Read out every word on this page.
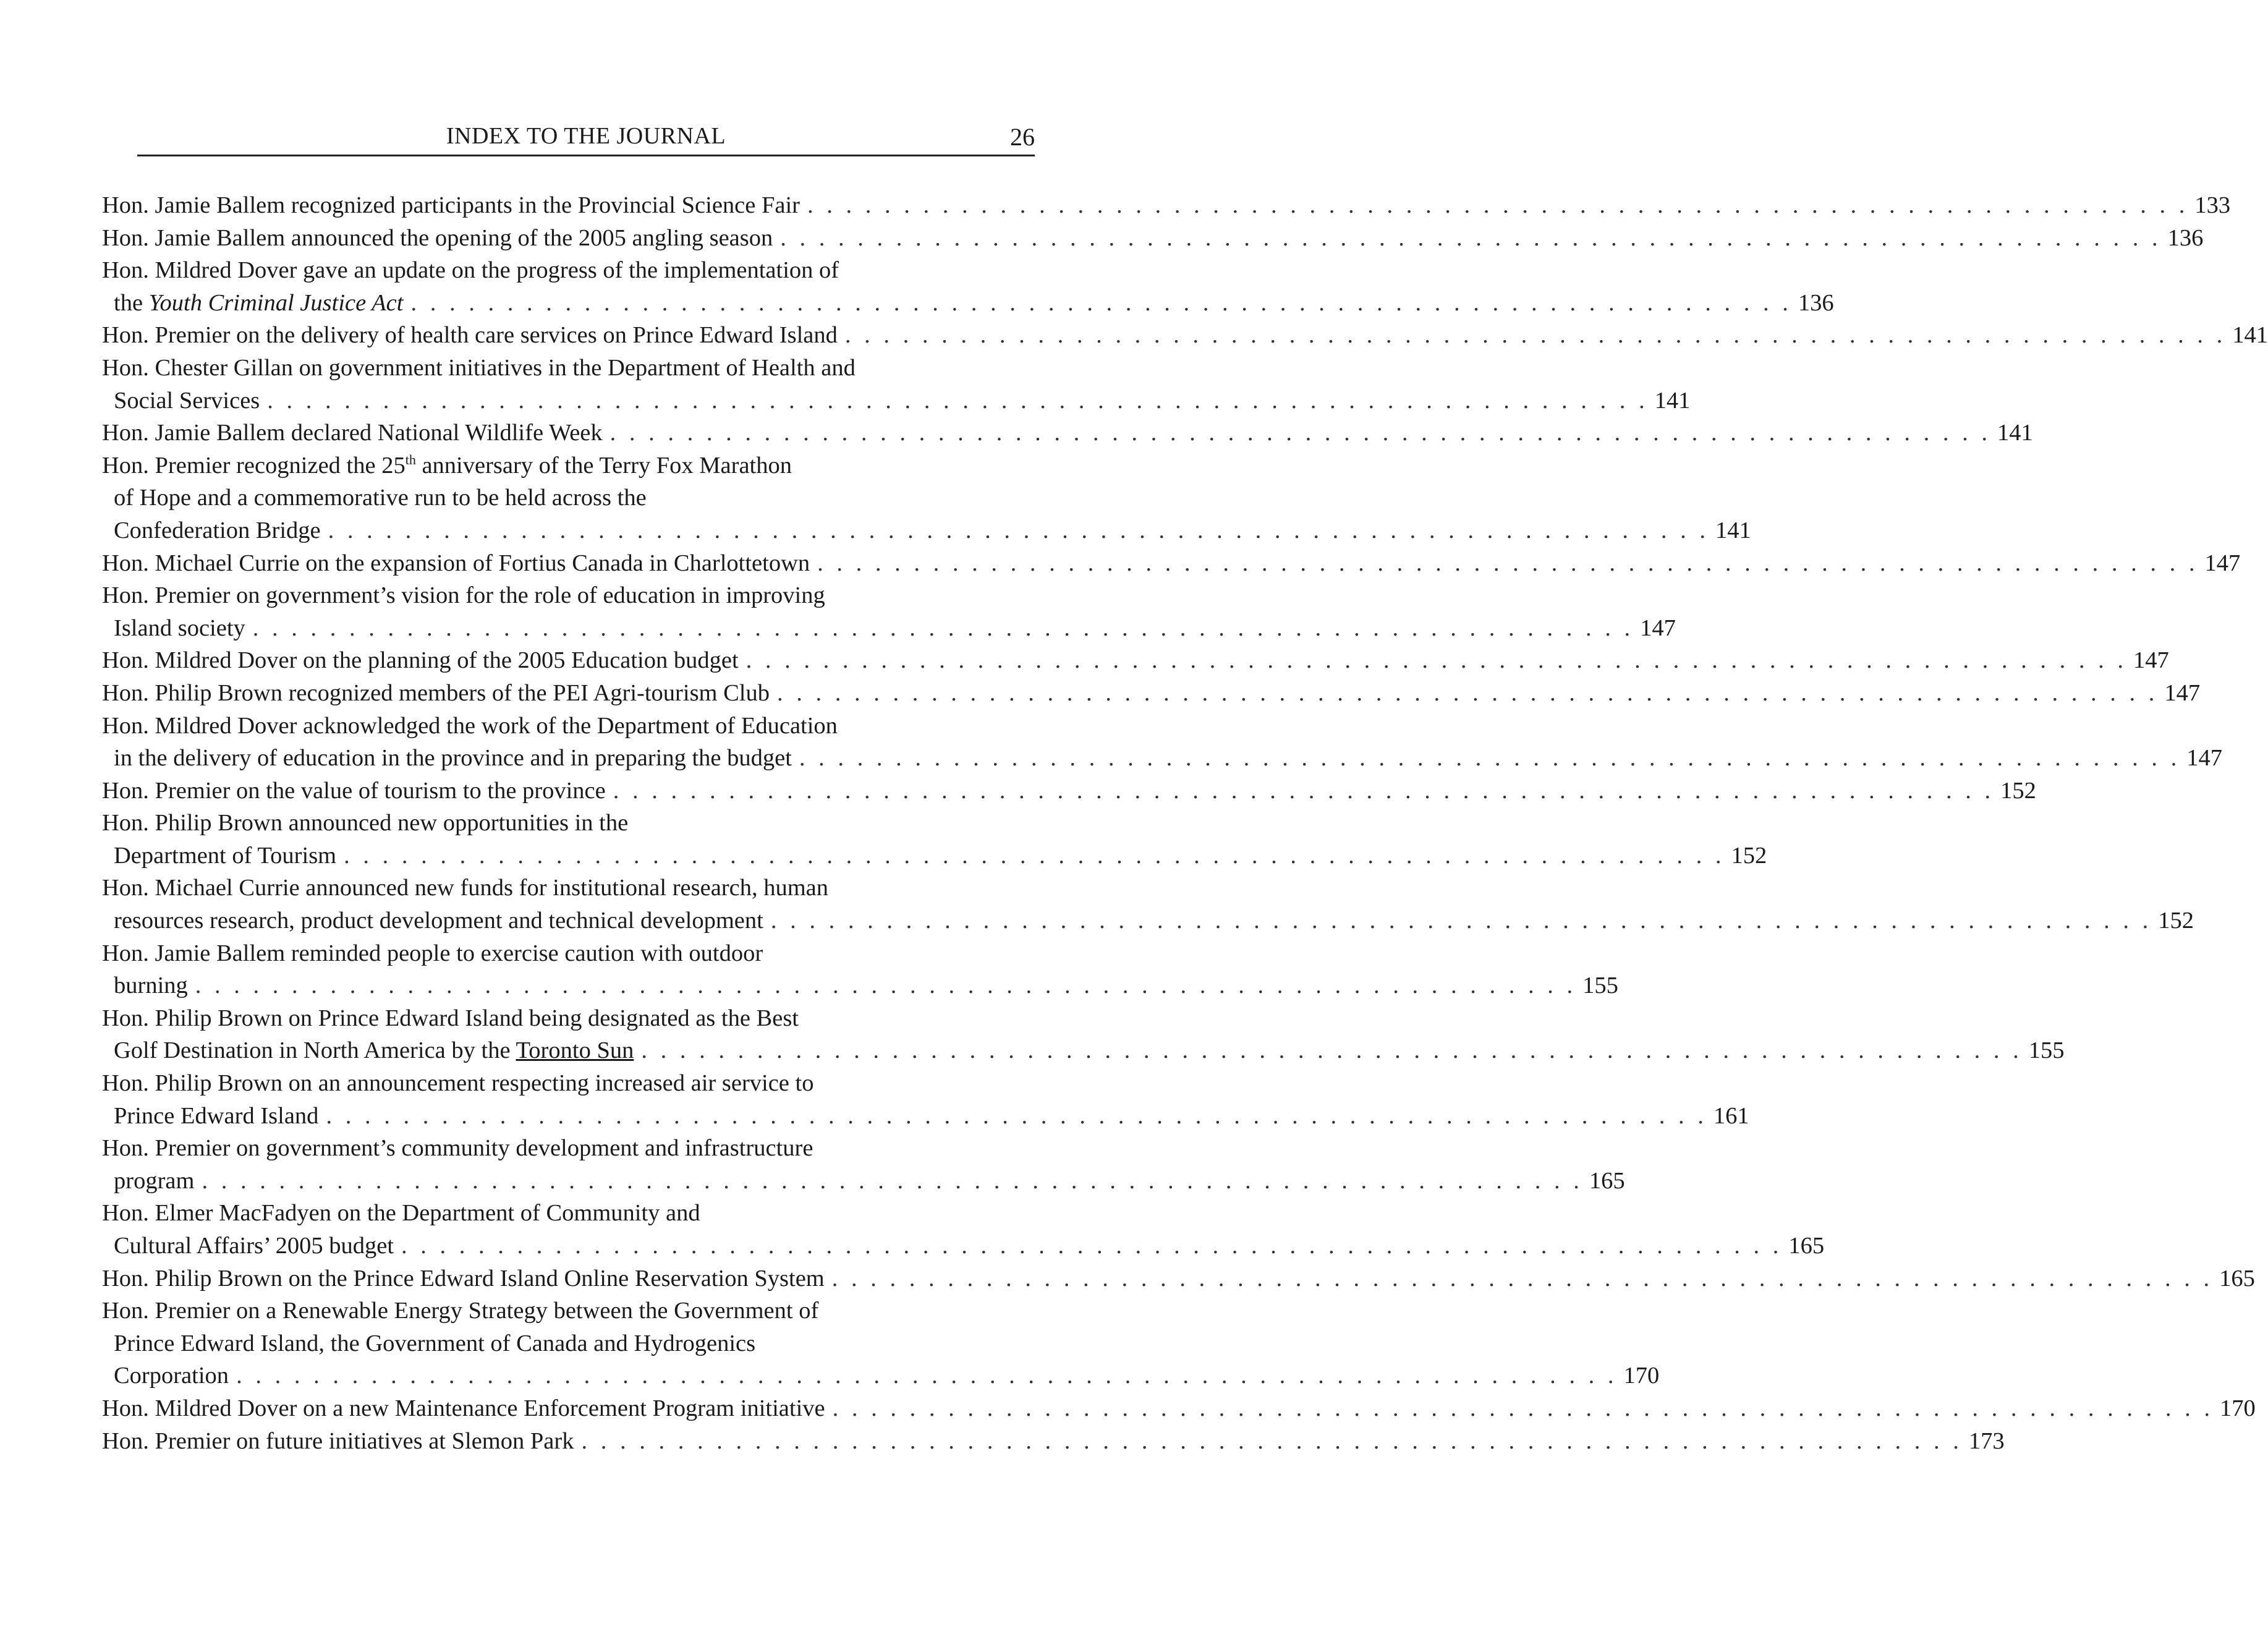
INDEX TO THE JOURNAL	26
Hon. Jamie Ballem recognized participants in the Provincial Science Fair . . . . . . . . . . . . . . . . . . . . . . . . . . . . . . . . . . . . . . . . . . . . . . . . . . . . . . . . . . . . . . . . . . . . . . . . 133
Hon. Jamie Ballem announced the opening of the 2005 angling season . . . . . . . . . . . . . . . . . . . . . . . . . . . . . . . . . . . . . . . . . . . . . . . . . . . . . . . . . . . . . . . . . . . . . . . . 136
Hon. Mildred Dover gave an update on the progress of the implementation of
the Youth Criminal Justice Act . . . . . . . . . . . . . . . . . . . . . . . . . . . . . . . . . . . . . . . . . . . . . . . . . . . . . . . . . . . . . . . . . . . . . . . . 136
Hon. Premier on the delivery of health care services on Prince Edward Island . . . . . . . . . . . . . . . . . . . . . . . . . . . . . . . . . . . . . . . . . . . . . . . . . . . . . . . . . . . . . . . . . . . . . . . . 141
Hon. Chester Gillan on government initiatives in the Department of Health and
Social Services . . . . . . . . . . . . . . . . . . . . . . . . . . . . . . . . . . . . . . . . . . . . . . . . . . . . . . . . . . . . . . . . . . . . . . . . 141
Hon. Jamie Ballem declared National Wildlife Week . . . . . . . . . . . . . . . . . . . . . . . . . . . . . . . . . . . . . . . . . . . . . . . . . . . . . . . . . . . . . . . . . . . . . . . . 141
Hon. Premier recognized the 25th anniversary of the Terry Fox Marathon
of Hope and a commemorative run to be held across the
Confederation Bridge . . . . . . . . . . . . . . . . . . . . . . . . . . . . . . . . . . . . . . . . . . . . . . . . . . . . . . . . . . . . . . . . . . . . . . . . 141
Hon. Michael Currie on the expansion of Fortius Canada in Charlottetown . . . . . . . . . . . . . . . . . . . . . . . . . . . . . . . . . . . . . . . . . . . . . . . . . . . . . . . . . . . . . . . . . . . . . . . . 147
Hon. Premier on government’s vision for the role of education in improving
Island society . . . . . . . . . . . . . . . . . . . . . . . . . . . . . . . . . . . . . . . . . . . . . . . . . . . . . . . . . . . . . . . . . . . . . . . . 147
Hon. Mildred Dover on the planning of the 2005 Education budget . . . . . . . . . . . . . . . . . . . . . . . . . . . . . . . . . . . . . . . . . . . . . . . . . . . . . . . . . . . . . . . . . . . . . . . . 147
Hon. Philip Brown recognized members of the PEI Agri-tourism Club . . . . . . . . . . . . . . . . . . . . . . . . . . . . . . . . . . . . . . . . . . . . . . . . . . . . . . . . . . . . . . . . . . . . . . . . 147
Hon. Mildred Dover acknowledged the work of the Department of Education
in the delivery of education in the province and in preparing the budget . . . . . . . . . . . . . . . . . . . . . . . . . . . . . . . . . . . . . . . . . . . . . . . . . . . . . . . . . . . . . . . . . . . . . . . . 147
Hon. Premier on the value of tourism to the province . . . . . . . . . . . . . . . . . . . . . . . . . . . . . . . . . . . . . . . . . . . . . . . . . . . . . . . . . . . . . . . . . . . . . . . . 152
Hon. Philip Brown announced new opportunities in the
Department of Tourism . . . . . . . . . . . . . . . . . . . . . . . . . . . . . . . . . . . . . . . . . . . . . . . . . . . . . . . . . . . . . . . . . . . . . . . . 152
Hon. Michael Currie announced new funds for institutional research, human
resources research, product development and technical development . . . . . . . . . . . . . . . . . . . . . . . . . . . . . . . . . . . . . . . . . . . . . . . . . . . . . . . . . . . . . . . . . . . . . . . . 152
Hon. Jamie Ballem reminded people to exercise caution with outdoor
burning . . . . . . . . . . . . . . . . . . . . . . . . . . . . . . . . . . . . . . . . . . . . . . . . . . . . . . . . . . . . . . . . . . . . . . . . 155
Hon. Philip Brown on Prince Edward Island being designated as the Best
Golf Destination in North America by the Toronto Sun . . . . . . . . . . . . . . . . . . . . . . . . . . . . . . . . . . . . . . . . . . . . . . . . . . . . . . . . . . . . . . . . . . . . . . . . 155
Hon. Philip Brown on an announcement respecting increased air service to
Prince Edward Island . . . . . . . . . . . . . . . . . . . . . . . . . . . . . . . . . . . . . . . . . . . . . . . . . . . . . . . . . . . . . . . . . . . . . . . . 161
Hon. Premier on government’s community development and infrastructure
program . . . . . . . . . . . . . . . . . . . . . . . . . . . . . . . . . . . . . . . . . . . . . . . . . . . . . . . . . . . . . . . . . . . . . . . . 165
Hon. Elmer MacFadyen on the Department of Community and
Cultural Affairs’ 2005 budget . . . . . . . . . . . . . . . . . . . . . . . . . . . . . . . . . . . . . . . . . . . . . . . . . . . . . . . . . . . . . . . . . . . . . . . . 165
Hon. Philip Brown on the Prince Edward Island Online Reservation System . . . . . . . . . . . . . . . . . . . . . . . . . . . . . . . . . . . . . . . . . . . . . . . . . . . . . . . . . . . . . . . . . . . . . . . . 165
Hon. Premier on a Renewable Energy Strategy between the Government of
Prince Edward Island, the Government of Canada and Hydrogenics
Corporation . . . . . . . . . . . . . . . . . . . . . . . . . . . . . . . . . . . . . . . . . . . . . . . . . . . . . . . . . . . . . . . . . . . . . . . . 170
Hon. Mildred Dover on a new Maintenance Enforcement Program initiative . . . . . . . . . . . . . . . . . . . . . . . . . . . . . . . . . . . . . . . . . . . . . . . . . . . . . . . . . . . . . . . . . . . . . . . . 170
Hon. Premier on future initiatives at Slemon Park . . . . . . . . . . . . . . . . . . . . . . . . . . . . . . . . . . . . . . . . . . . . . . . . . . . . . . . . . . . . . . . . . . . . . . . . 173
